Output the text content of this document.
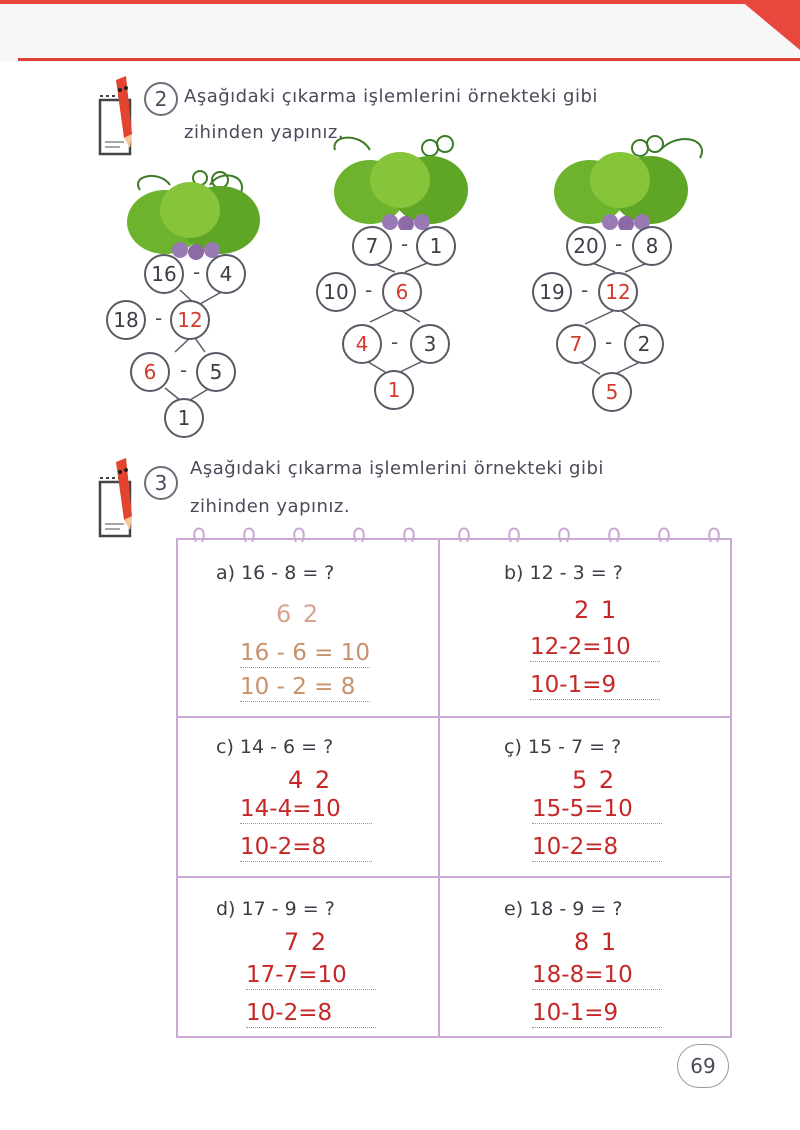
2 Aşağıdaki çıkarma işlemlerini örnekteki gibi
zihinden yapınız.
16 - 4
18 - 12
6	-	5
1
7	-	1
10 -	6
4	-	3
1
20 -	8
19 - 12
7	-	2
5
3
Aşağıdaki çıkarma işlemlerini örnekteki gibi
zihinden yapınız.
a) 16 - 8 = ?
6 2
16 - 6 = 10
10 - 2 = 8
b) 12 - 3 = ?
2 1
12-2=10
10-1=9
c) 14 - 6 = ?
4 2
14-4=10
10-2=8
ç) 15 - 7 = ?
5 2
15-5=10
10-2=8
d) 17 - 9 = ?
7 2
17-7=10
10-2=8
e) 18 - 9 = ?
8 1
18-8=10
10-1=9
69
